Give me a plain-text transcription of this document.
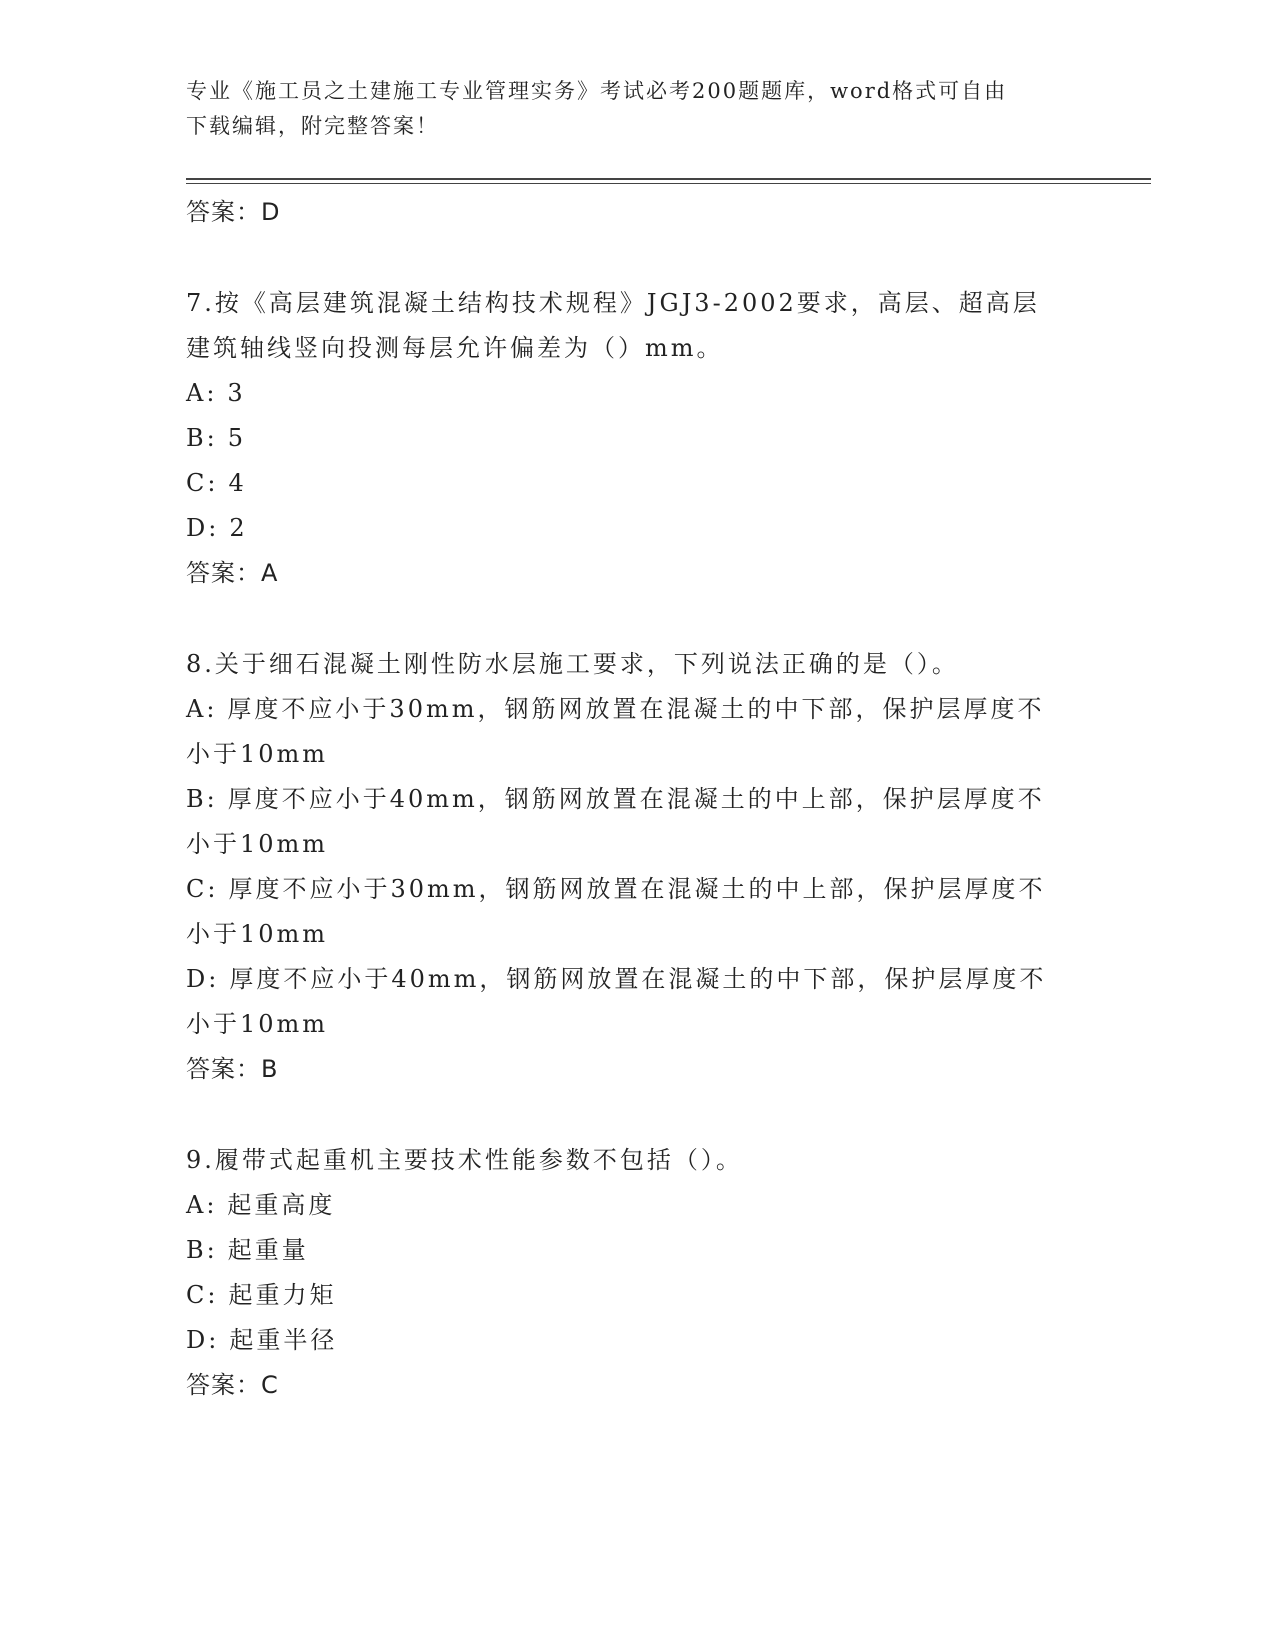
专业《施工员之土建施工专业管理实务》考试必考200题题库，word格式可自由
下载编辑，附完整答案！

答案：D

7.按《高层建筑混凝土结构技术规程》JGJ3-2002要求，高层、超高层

建筑轴线竖向投测每层允许偏差为（）mm。

A: 3

B: 5

C: 4

D: 2

答案：A

8.关于细石混凝土刚性防水层施工要求，下列说法正确的是（）。

A: 厚度不应小于30mm，钢筋网放置在混凝土的中下部，保护层厚度不

小于10mm

B: 厚度不应小于40mm，钢筋网放置在混凝土的中上部，保护层厚度不

小于10mm

C: 厚度不应小于30mm，钢筋网放置在混凝土的中上部，保护层厚度不

小于10mm

D: 厚度不应小于40mm，钢筋网放置在混凝土的中下部，保护层厚度不

小于10mm

答案：B

9.履带式起重机主要技术性能参数不包括（）。

A: 起重高度

B: 起重量

C: 起重力矩

D: 起重半径

答案：C
